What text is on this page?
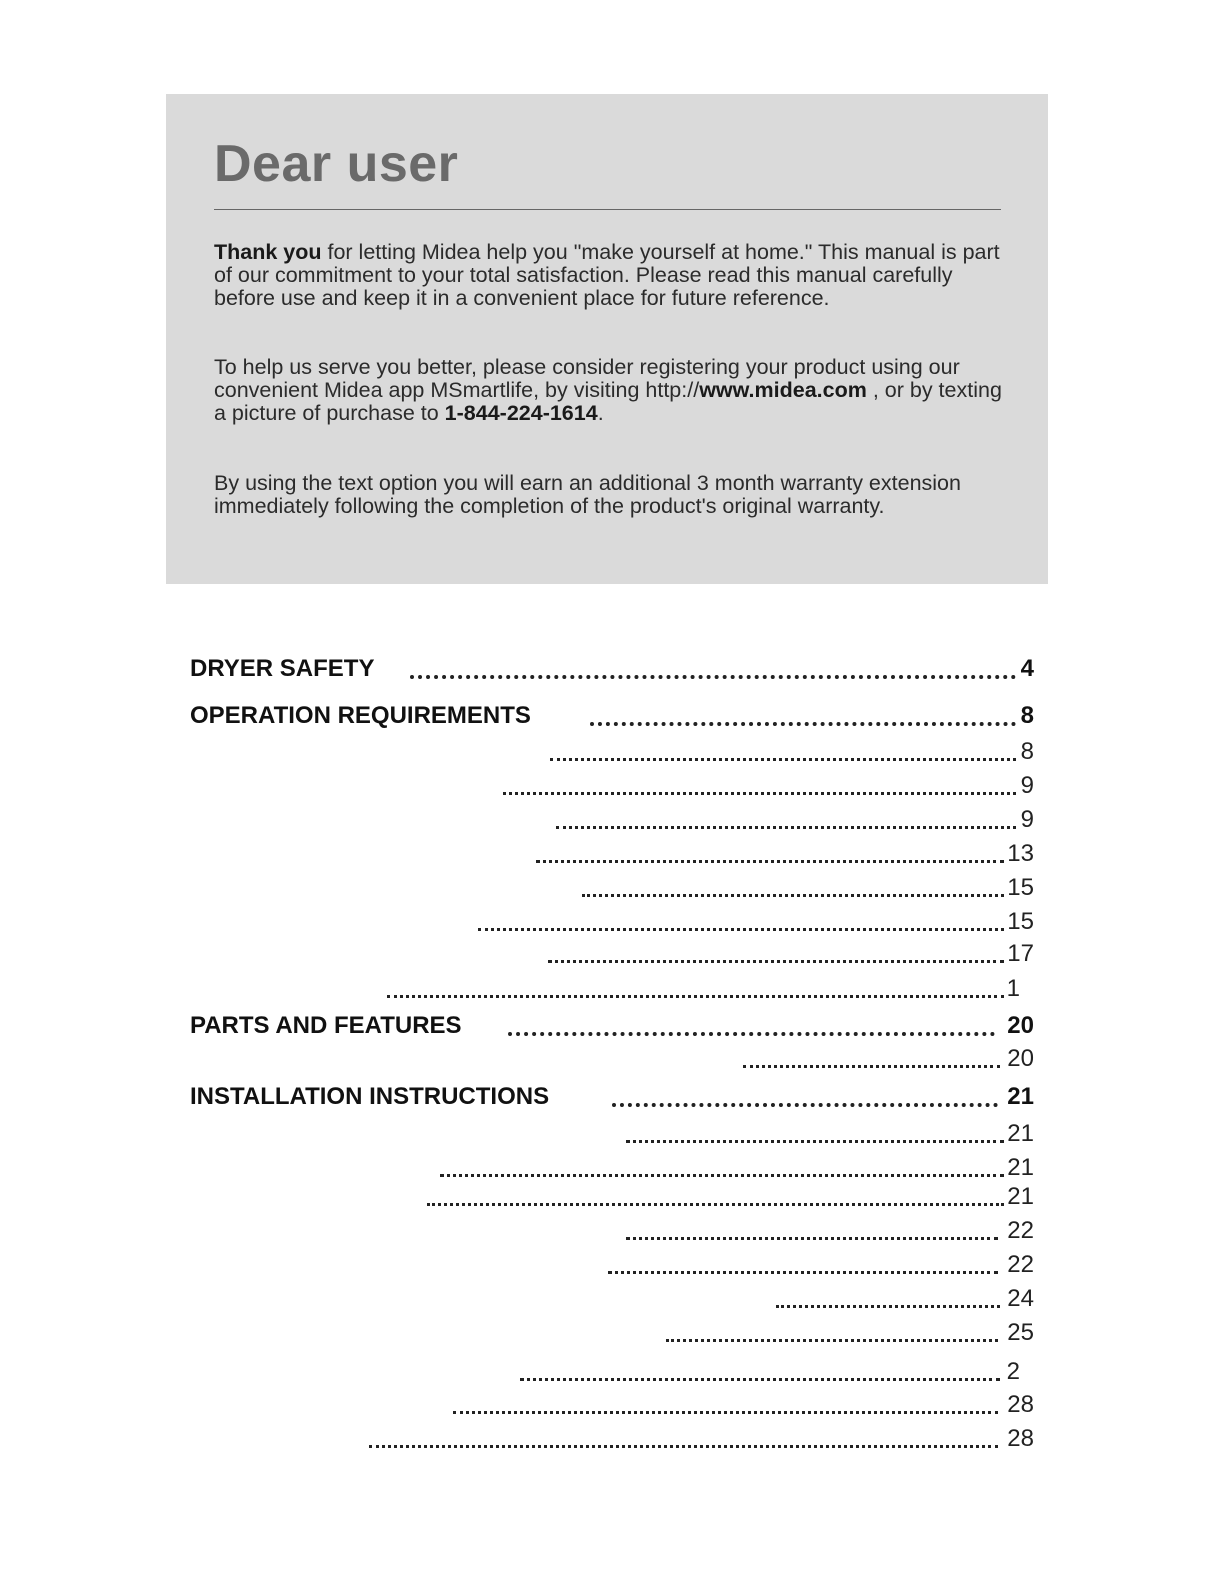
Dear user

Thank you for letting Midea help you "make yourself at home." This manual is part of our commitment to your total satisfaction. Please read this manual carefully before use and keep it in a convenient place for future reference.

To help us serve you better, please consider registering your product using our convenient Midea app MSmartlife, by visiting http://www.midea.com , or by texting a picture of purchase to 1-844-224-1614.

By using the text option you will earn an additional 3 month warranty extension immediately following the completion of the product's original warranty.

DRYER SAFETY	4
OPERATION REQUIREMENTS	8
8
9
9
13
15
15
17
1
PARTS AND FEATURES	20
20
INSTALLATION INSTRUCTIONS	21
21
21
21
22
22
24
25
2
28
28
